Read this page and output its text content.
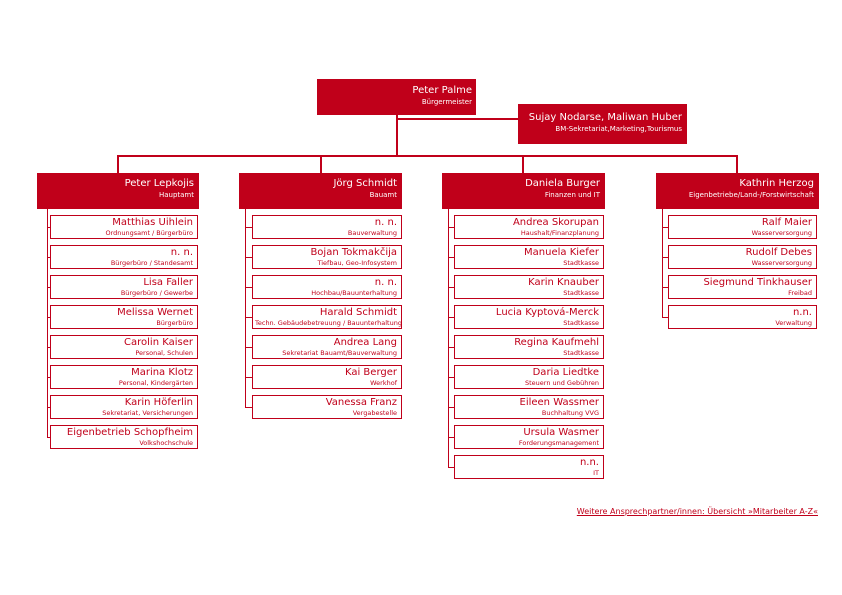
Peter Palme
Bürgermeister
Sujay Nodarse, Maliwan Huber
BM-Sekretariat,Marketing,Tourismus
Peter Lepkojis
Hauptamt
Matthias Uihlein
Ordnungsamt / Bürgerbüro
n. n.
Bürgerbüro / Standesamt
Lisa Faller
Bürgerbüro / Gewerbe
Melissa Wernet
Bürgerbüro
Carolin Kaiser
Personal, Schulen
Marina Klotz
Personal, Kindergärten
Karin Höferlin
Sekretariat, Versicherungen
Eigenbetrieb Schopfheim
Volkshochschule
Jörg Schmidt
Bauamt
n. n.
Bauverwaltung
Bojan Tokmakčija
Tiefbau, Geo-Infosystem
n. n.
Hochbau/Bauunterhaltung
Harald Schmidt
Techn. Gebäudebetreuung / Bauunterhaltung
Andrea Lang
Sekretariat Bauamt/Bauverwaltung
Kai Berger
Werkhof
Vanessa Franz
Vergabestelle
Daniela Burger
Finanzen und IT
Andrea Skorupan
Haushalt/Finanzplanung
Manuela Kiefer
Stadtkasse
Karin Knauber
Stadtkasse
Lucia Kyptová-Merck
Stadtkasse
Regina Kaufmehl
Stadtkasse
Daria Liedtke
Steuern und Gebühren
Eileen Wassmer
Buchhaltung VVG
Ursula Wasmer
Forderungsmanagement
n.n.
IT
Kathrin Herzog
Eigenbetriebe/Land-/Forstwirtschaft
Ralf Maier
Wasserversorgung
Rudolf Debes
Wasserversorgung
Siegmund Tinkhauser
Freibad
n.n.
Verwaltung
Weitere Ansprechpartner/innen: Übersicht »Mitarbeiter A-Z«
